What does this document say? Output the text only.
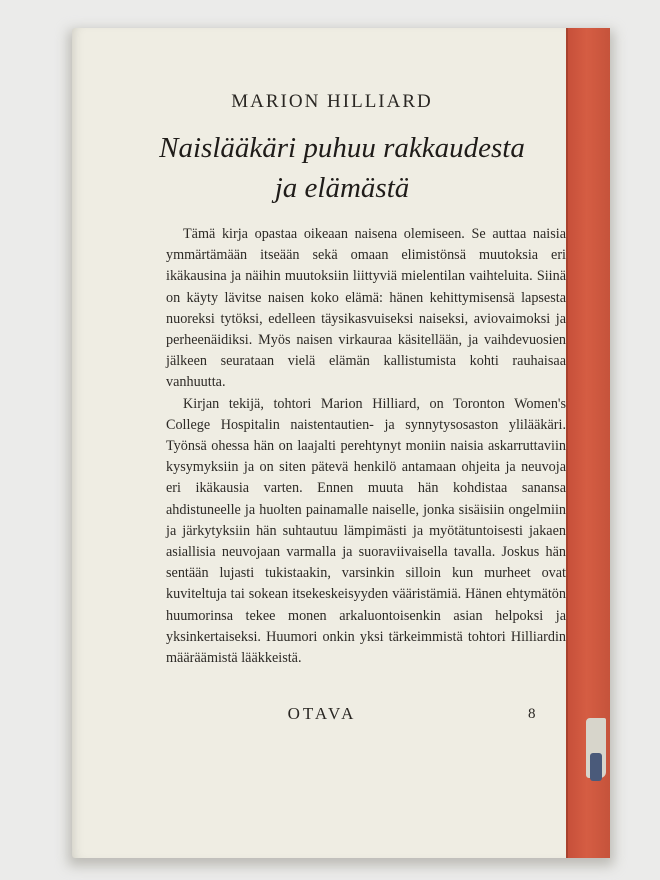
MARION HILLIARD
Naislääkäri puhuu rakkaudesta
ja elämästä

Tämä kirja opastaa oikeaan naisena olemiseen. Se auttaa naisia ymmärtämään itseään sekä omaan elimistönsä muutoksia eri ikäkausina ja näihin muutoksiin liittyviä mielentilan vaihteluita. Siinä on käyty lävitse naisen koko elämä: hänen kehittymisensä lapsesta nuoreksi tytöksi, edelleen täysikasvuiseksi naiseksi, aviovaimoksi ja perheenäidiksi. Myös naisen virkauraa käsitellään, ja vaihdevuosien jälkeen seurataan vielä elämän kallistumista kohti rauhaisaa vanhuutta.

Kirjan tekijä, tohtori Marion Hilliard, on Toronton Women's College Hospitalin naistentautien- ja synnytysosaston ylilääkäri. Työnsä ohessa hän on laajalti perehtynyt moniin naisia askarruttaviin kysymyksiin ja on siten pätevä henkilö antamaan ohjeita ja neuvoja eri ikäkausia varten. Ennen muuta hän kohdistaa sanansa ahdistuneelle ja huolten painamalle naiselle, jonka sisäisiin ongelmiin ja järkytyksiin hän suhtautuu lämpimästi ja myötätuntoisesti jakaen asiallisia neuvojaan varmalla ja suoraviivaisella tavalla. Joskus hän sentään lujasti tukistaakin, varsinkin silloin kun murheet ovat kuviteltuja tai sokean itsekeskeisyyden vääristämiä. Hänen ehtymätön huumorinsa tekee monen arkaluontoisenkin asian helpoksi ja yksinkertaiseksi. Huumori onkin yksi tärkeimmistä tohtori Hilliardin määräämistä lääkkeistä.

OTAVA	8
